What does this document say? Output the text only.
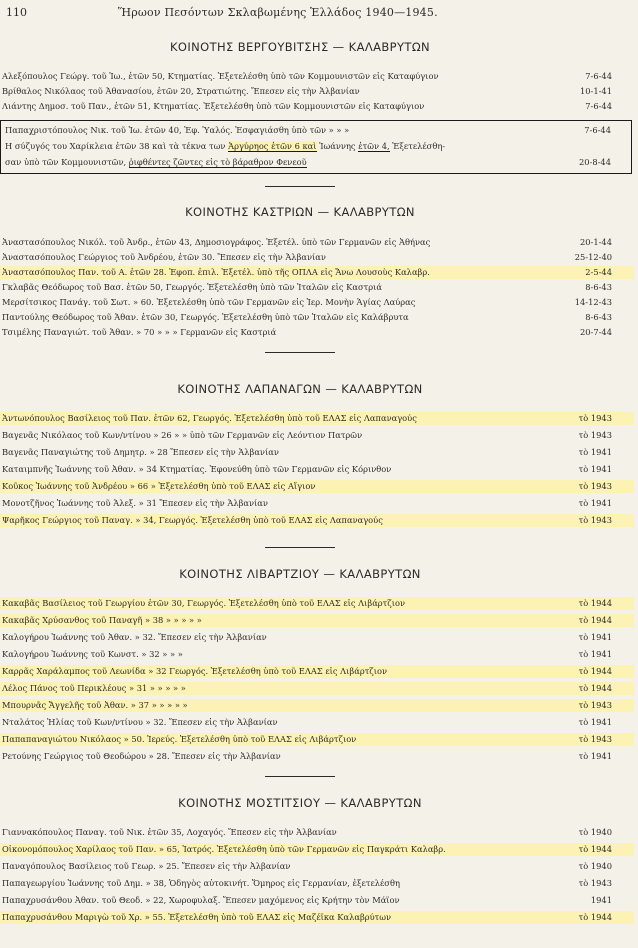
110	Ἥρωον Πεσόντων Σκλαβωμένης Ἑλλάδος 1940—1945.
ΚΟΙΝΟΤΗΣ ΒΕΡΓΟΥΒΙΤΣΗΣ — ΚΑΛΑΒΡΥΤΩΝ
Αλεξόπουλος Γεώργ. τοῦ Ἰω., ἐτῶν 50, Κτηματίας. Ἐξετελέσθη ὑπὸ τῶν Κομμουνιστῶν εἰς Καταφύγιον	7-6-44
Βρίθαλος Νικόλαος τοῦ Ἀθανασίου, ἐτῶν 20, Στρατιώτης. Ἔπεσεν εἰς τὴν Ἀλβανίαν	10-1-41
Λιάντης Δημοσ. τοῦ Παν., ἐτῶν 51, Κτηματίας. Ἐξετελέσθη ὑπὸ τῶν Κομμουνιστῶν εἰς Καταφύγιον	7-6-44
Παπαχριστόπουλος Νικ. τοῦ Ἰω. ἐτῶν 40, Ἐφ. Ὑαλός. Ἐσφαγιάσθη ὑπὸ τῶν » » »	7-6-44
Η σύζυγός του Χαρίκλεια ἐτῶν 38 καὶ τὰ τέκνα των Ἀργύρηος ἐτῶν 6 καὶ Ἰωάννης ἐτῶν 4, Ἐξετελέσθη-
σαν ὑπὸ τῶν Κομμουνιστῶν, ῥιφθέντες ζῶντες εἰς τὸ βάραθρον Φενεοῦ	20-8-44
ΚΟΙΝΟΤΗΣ ΚΑΣΤΡΙΩΝ — ΚΑΛΑΒΡΥΤΩΝ
Ἀναστασόπουλος Νικόλ. τοῦ Ἀνδρ., ἐτῶν 43, Δημοσιογράφος. Ἐξετέλ. ὑπὸ τῶν Γερμανῶν εἰς Ἀθήνας	20-1-44
Ἀναστασόπουλος Γεώργιος τοῦ Ἀνδρέου, ἐτῶν 30. Ἔπεσεν εἰς τὴν Ἀλβανίαν	25-12-40
Ἀναστασόπουλος Παν. τοῦ Α. ἐτῶν 28. Ἐφοπ. ἐπιλ. Ἐξετέλ. ὑπὸ τῆς ΟΠΛΑ εἰς Ἄνω Λουσοὺς Καλαβρ.	2-5-44
Γκλαβᾶς Θεόδωρος τοῦ Βασ. ἐτῶν 50, Γεωργός. Ἐξετελέσθη ὑπὸ τῶν Ἰταλῶν εἰς Καστριά	8-6-43
Μερσίτσικος Πανάγ. τοῦ Σωτ. » 60. Ἐξετελέσθη ὑπὸ τῶν Γερμανῶν εἰς Ἱερ. Μονὴν Ἁγίας Λαύρας	14-12-43
Παντούλης Θεόδωρος τοῦ Ἀθαν. ἐτῶν 30, Γεωργός. Ἐξετελέσθη ὑπὸ τῶν Ἰταλῶν εἰς Καλάβρυτα	8-6-43
Τσιμέλης Παναγιώτ. τοῦ Ἀθαν. » 70 » » » Γερμανῶν εἰς Καστριά	20-7-44
ΚΟΙΝΟΤΗΣ ΛΑΠΑΝΑΓΩΝ — ΚΑΛΑΒΡΥΤΩΝ
Ἀντωνόπουλος Βασίλειος τοῦ Παν. ἐτῶν 62, Γεωργός. Ἐξετελέσθη ὑπὸ τοῦ ΕΛΑΣ εἰς Λαπαναγούς	τὸ 1943
Βαγενᾶς Νικόλαος τοῦ Κων/ντίνου » 26 » » ὑπὸ τῶν Γερμανῶν εἰς Λεόντιον Πατρῶν	τὸ 1943
Βαγενᾶς Παναγιώτης τοῦ Δημητρ. » 28 Ἔπεσεν εἰς τὴν Ἀλβανίαν	τὸ 1941
Καταιμπνῆς Ἰωάννης τοῦ Ἀθαν. » 34 Κτηματίας. Ἐφονεύθη ὑπὸ τῶν Γερμανῶν εἰς Κόρινθον	τὸ 1941
Κοῦκος Ἰωάννης τοῦ Ἀνδρέου » 66 » Ἐξετελέσθη ὑπὸ τοῦ ΕΛΑΣ εἰς Αἴγιον	τὸ 1943
Μονοτζῆνος Ἰωάννης τοῦ Ἀλεξ. » 31 Ἔπεσεν εἰς τὴν Ἀλβανίαν	τὸ 1941
Ψαρῆκος Γεώργιος τοῦ Παναγ. » 34, Γεωργός. Ἐξετελέσθη ὑπὸ τοῦ ΕΛΑΣ εἰς Λαπαναγούς	τὸ 1943
ΚΟΙΝΟΤΗΣ ΛΙΒΑΡΤΖΙΟΥ — ΚΑΛΑΒΡΥΤΩΝ
Κακαβᾶς Βασίλειος τοῦ Γεωργίου ἐτῶν 30, Γεωργός. Ἐξετελέσθη ὑπὸ τοῦ ΕΛΑΣ εἰς Λιβάρτζιον	τὸ 1944
Κακαβᾶς Χρύσανθος τοῦ Παναγῆ » 38 » » » » »	τὸ 1944
Καλογήρου Ἰωάννης τοῦ Ἀθαν. » 32. Ἔπεσεν εἰς τὴν Ἀλβανίαν	τὸ 1941
Καλογήρου Ἰωάννης τοῦ Κωνστ. » 32 » » »	τὸ 1941
Καρρᾶς Χαράλαμπος τοῦ Λεωνίδα » 32 Γεωργός. Ἐξετελέσθη ὑπὸ τοῦ ΕΛΑΣ εἰς Λιβάρτζιον	τὸ 1944
Λέλος Πάνος τοῦ Περικλέους » 31 » » » » »	τὸ 1944
Μπουρνᾶς Ἄγγελῆς τοῦ Ἀθαν. » 37 » » » » »	τὸ 1943
Νταλάτος Ἠλίας τοῦ Κων/ντίνου » 32. Ἔπεσεν εἰς τὴν Ἀλβανίαν	τὸ 1941
Παπαπαναγιώτου Νικόλαος » 50. Ἱερεύς. Ἐξετελέσθη ὑπὸ τοῦ ΕΛΑΣ εἰς Λιβάρτζιον	τὸ 1943
Ρετούνης Γεώργιος τοῦ Θεοδώρου » 28. Ἔπεσεν εἰς τὴν Ἀλβανίαν	τὸ 1941
ΚΟΙΝΟΤΗΣ ΜΟΣΤΙΤΣΙΟΥ — ΚΑΛΑΒΡΥΤΩΝ
Γιαννακόπουλος Παναγ. τοῦ Νικ. ἐτῶν 35, Λοχαγός. Ἔπεσεν εἰς τὴν Ἀλβανίαν	τὸ 1940
Οἰκονομόπουλος Χαρίλαος τοῦ Παν. » 65, Ἰατρός. Ἐξετελέσθη ὑπὸ τῶν Γερμανῶν εἰς Παγκράτι Καλαβρ.	τὸ 1944
Παναγόπουλος Βασίλειος τοῦ Γεωρ. » 25. Ἔπεσεν εἰς τὴν Ἀλβανίαν	τὸ 1940
Παπαγεωργίου Ἰωάννης τοῦ Δημ. » 38, Ὁδηγὸς αὐτοκινήτ. Ὅμηρος εἰς Γερμανίαν, ἐξετελέσθη	τὸ 1943
Παπαχρυσάνθου Ἀθαν. τοῦ Θεοδ. » 22, Χωροφυλαξ. Ἔπεσεν μαχόμενος εἰς Κρήτην τὸν Μάϊον	1941
Παπαχρυσάνθου Μαριγὼ τοῦ Χρ. » 55. Ἐξετελέσθη ὑπὸ τοῦ ΕΛΑΣ εἰς Μαζέϊκα Καλαβρύτων	τὸ 1944
